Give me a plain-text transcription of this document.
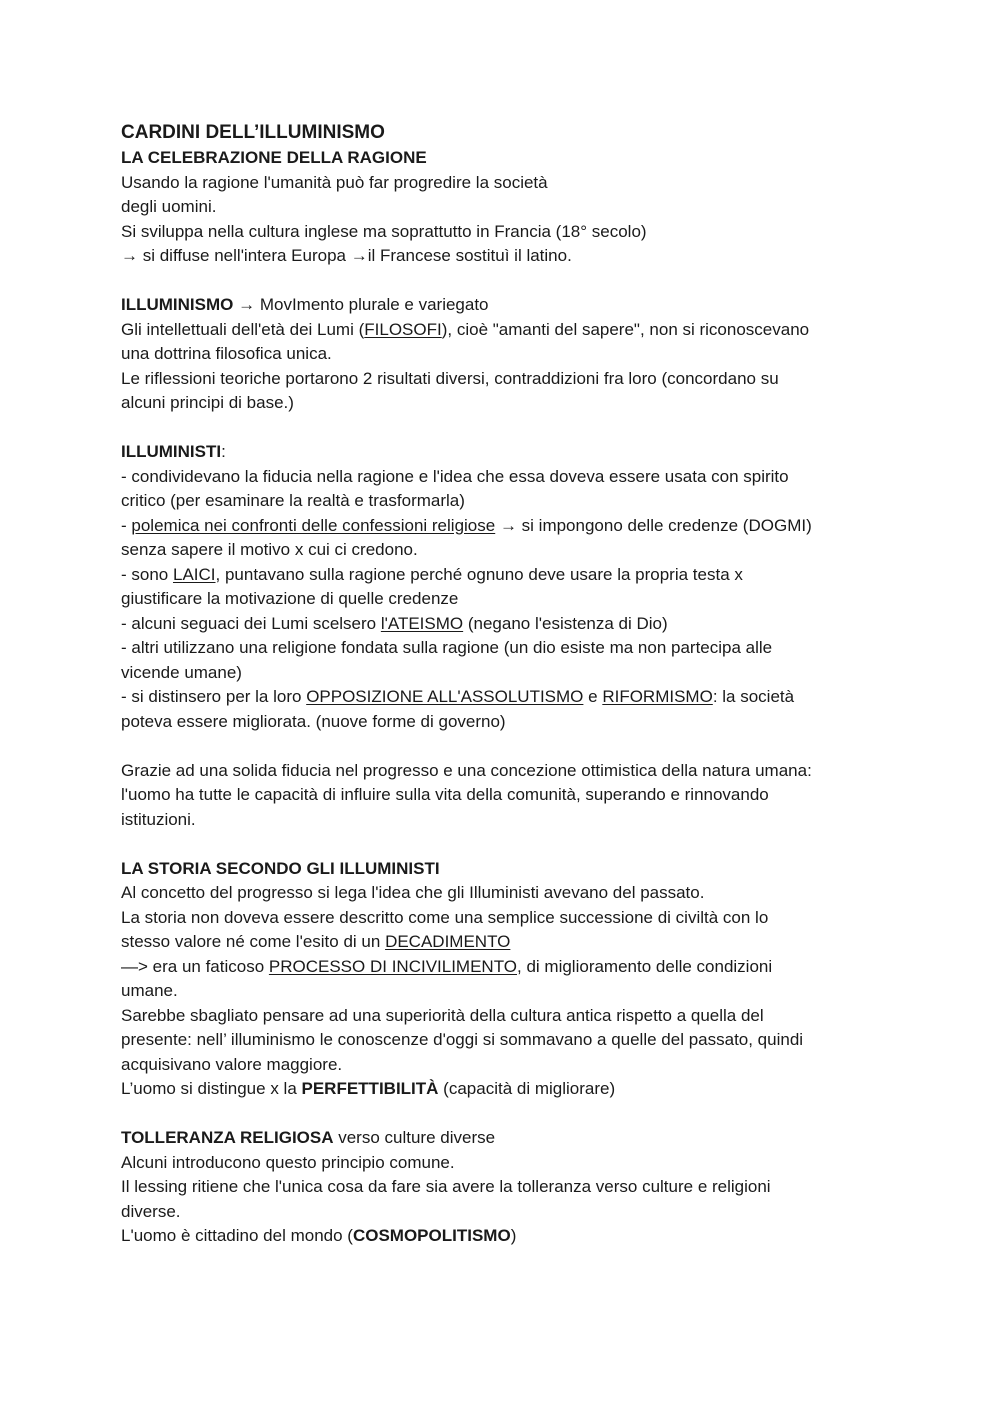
CARDINI DELL’ILLUMINISMO
LA CELEBRAZIONE DELLA RAGIONE
Usando la ragione l'umanità può far progredire la società
degli uomini.
Si sviluppa nella cultura inglese ma soprattutto in Francia (18° secolo)
→ si diffuse nell'intera Europa →il Francese sostituì il latino.
ILLUMINISMO → MovImento plurale e variegato
Gli intellettuali dell'età dei Lumi (FILOSOFI), cioè "amanti del sapere", non si riconoscevano
una dottrina filosofica unica.
Le riflessioni teoriche portarono 2 risultati diversi, contraddizioni fra loro (concordano su
alcuni principi di base.)
ILLUMINISTI:
- condividevano la fiducia nella ragione e l'idea che essa doveva essere usata con spirito
critico (per esaminare la realtà e trasformarla)
- polemica nei confronti delle confessioni religiose → si impongono delle credenze (DOGMI)
senza sapere il motivo x cui ci credono.
- sono LAICI, puntavano sulla ragione perché ognuno deve usare la propria testa x
giustificare la motivazione di quelle credenze
- alcuni seguaci dei Lumi scelsero l'ATEISMO (negano l'esistenza di Dio)
- altri utilizzano una religione fondata sulla ragione (un dio esiste ma non partecipa alle
vicende umane)
- si distinsero per la loro OPPOSIZIONE ALL'ASSOLUTISMO e RIFORMISMO: la società
poteva essere migliorata. (nuove forme di governo)
Grazie ad una solida fiducia nel progresso e una concezione ottimistica della natura umana:
l'uomo ha tutte le capacità di influire sulla vita della comunità, superando e rinnovando
istituzioni.
LA STORIA SECONDO GLI ILLUMINISTI
Al concetto del progresso si lega l'idea che gli Illuministi avevano del passato.
La storia non doveva essere descritto come una semplice successione di civiltà con lo
stesso valore né come l'esito di un DECADIMENTO
—> era un faticoso PROCESSO DI INCIVILIMENTO, di miglioramento delle condizioni
umane.
Sarebbe sbagliato pensare ad una superiorità della cultura antica rispetto a quella del
presente: nell’ illuminismo le conoscenze d'oggi si sommavano a quelle del passato, quindi
acquisivano valore maggiore.
L’uomo si distingue x la PERFETTIBILITÀ (capacità di migliorare)
TOLLERANZA RELIGIOSA verso culture diverse
Alcuni introducono questo principio comune.
Il lessing ritiene che l'unica cosa da fare sia avere la tolleranza verso culture e religioni
diverse.
L'uomo è cittadino del mondo (COSMOPOLITISMO)
